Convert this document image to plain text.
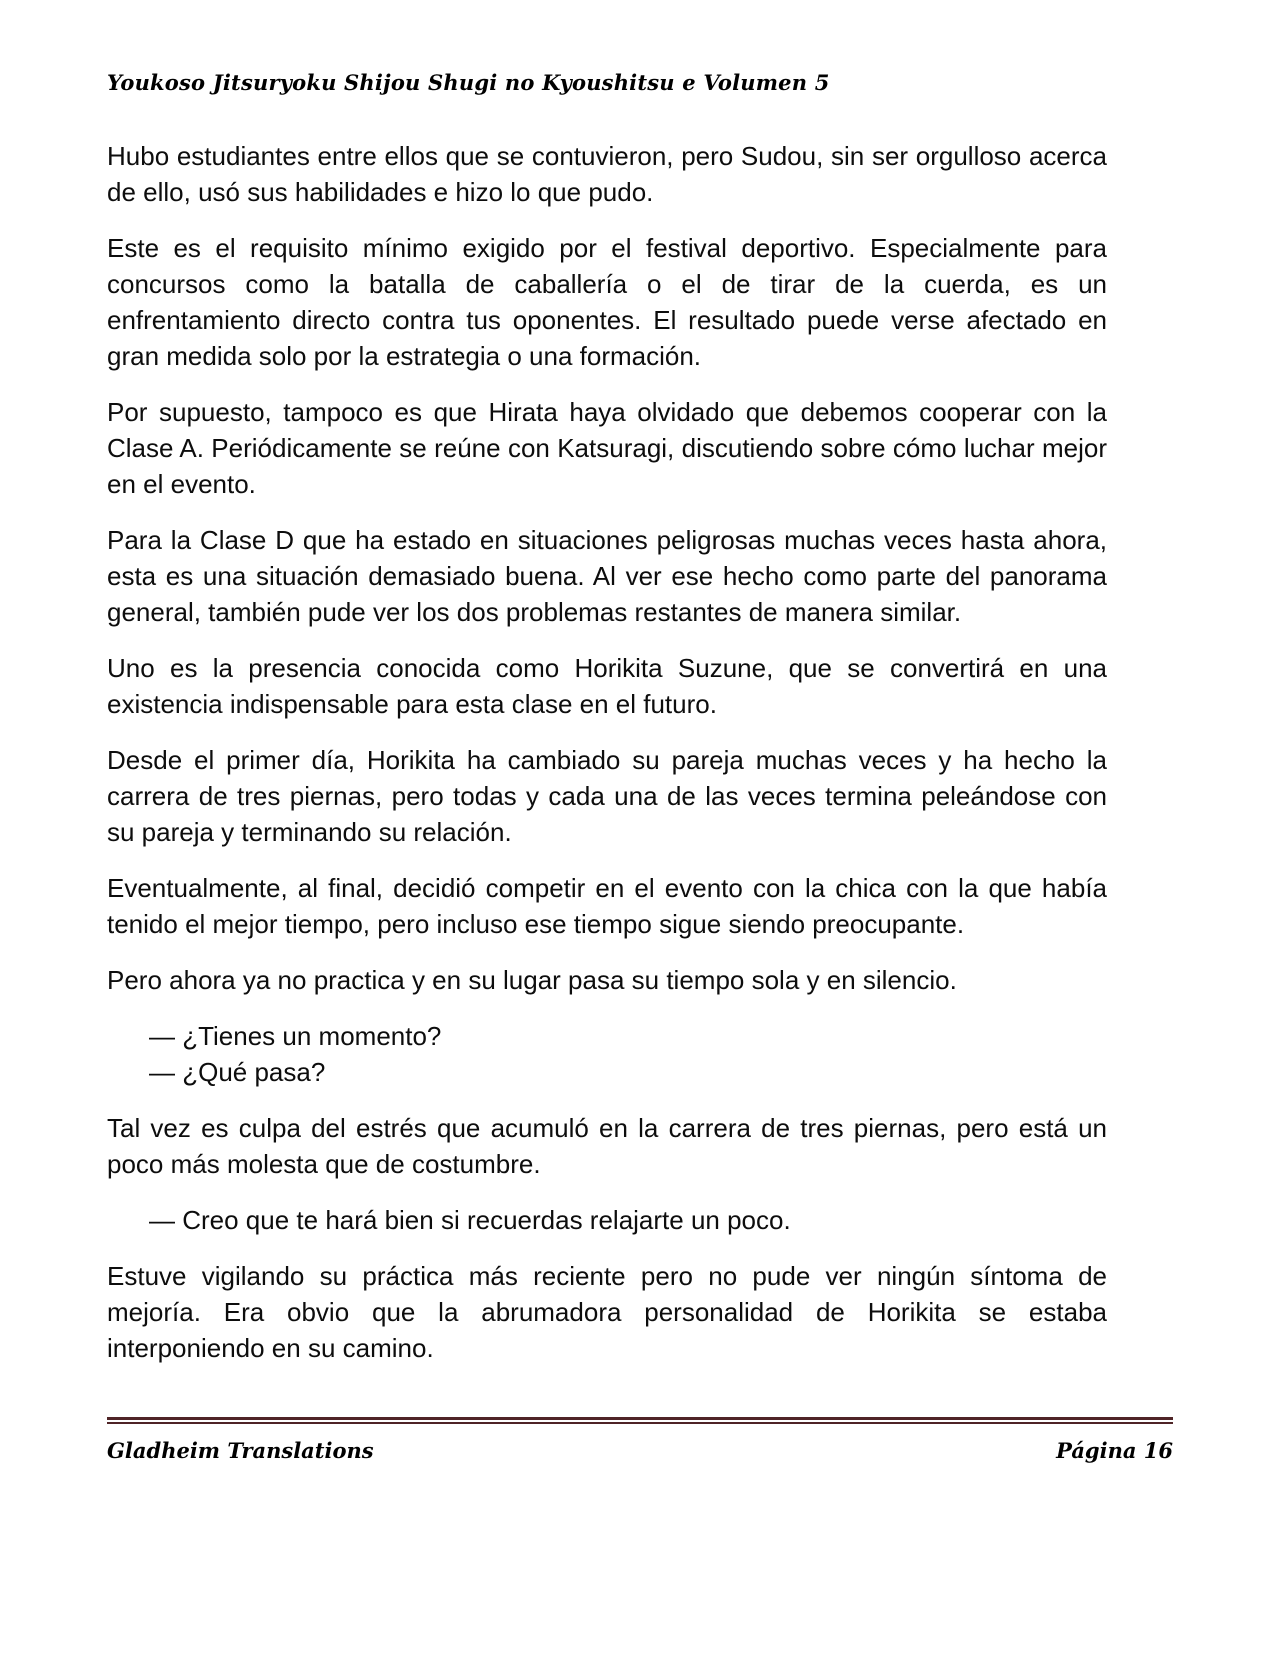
Youkoso Jitsuryoku Shijou Shugi no Kyoushitsu e Volumen 5

Hubo estudiantes entre ellos que se contuvieron, pero Sudou, sin ser orgulloso acerca de ello, usó sus habilidades e hizo lo que pudo.

Este es el requisito mínimo exigido por el festival deportivo. Especialmente para concursos como la batalla de caballería o el de tirar de la cuerda, es un enfrentamiento directo contra tus oponentes. El resultado puede verse afectado en gran medida solo por la estrategia o una formación.

Por supuesto, tampoco es que Hirata haya olvidado que debemos cooperar con la Clase A. Periódicamente se reúne con Katsuragi, discutiendo sobre cómo luchar mejor en el evento.

Para la Clase D que ha estado en situaciones peligrosas muchas veces hasta ahora, esta es una situación demasiado buena. Al ver ese hecho como parte del panorama general, también pude ver los dos problemas restantes de manera similar.

Uno es la presencia conocida como Horikita Suzune, que se convertirá en una existencia indispensable para esta clase en el futuro.

Desde el primer día, Horikita ha cambiado su pareja muchas veces y ha hecho la carrera de tres piernas, pero todas y cada una de las veces termina peleándose con su pareja y terminando su relación.

Eventualmente, al final, decidió competir en el evento con la chica con la que había tenido el mejor tiempo, pero incluso ese tiempo sigue siendo preocupante.

Pero ahora ya no practica y en su lugar pasa su tiempo sola y en silencio.

— ¿Tienes un momento?

— ¿Qué pasa?

Tal vez es culpa del estrés que acumuló en la carrera de tres piernas, pero está un poco más molesta que de costumbre.

— Creo que te hará bien si recuerdas relajarte un poco.

Estuve vigilando su práctica más reciente pero no pude ver ningún síntoma de mejoría. Era obvio que la abrumadora personalidad de Horikita se estaba interponiendo en su camino.

Gladheim Translations	Página 16
